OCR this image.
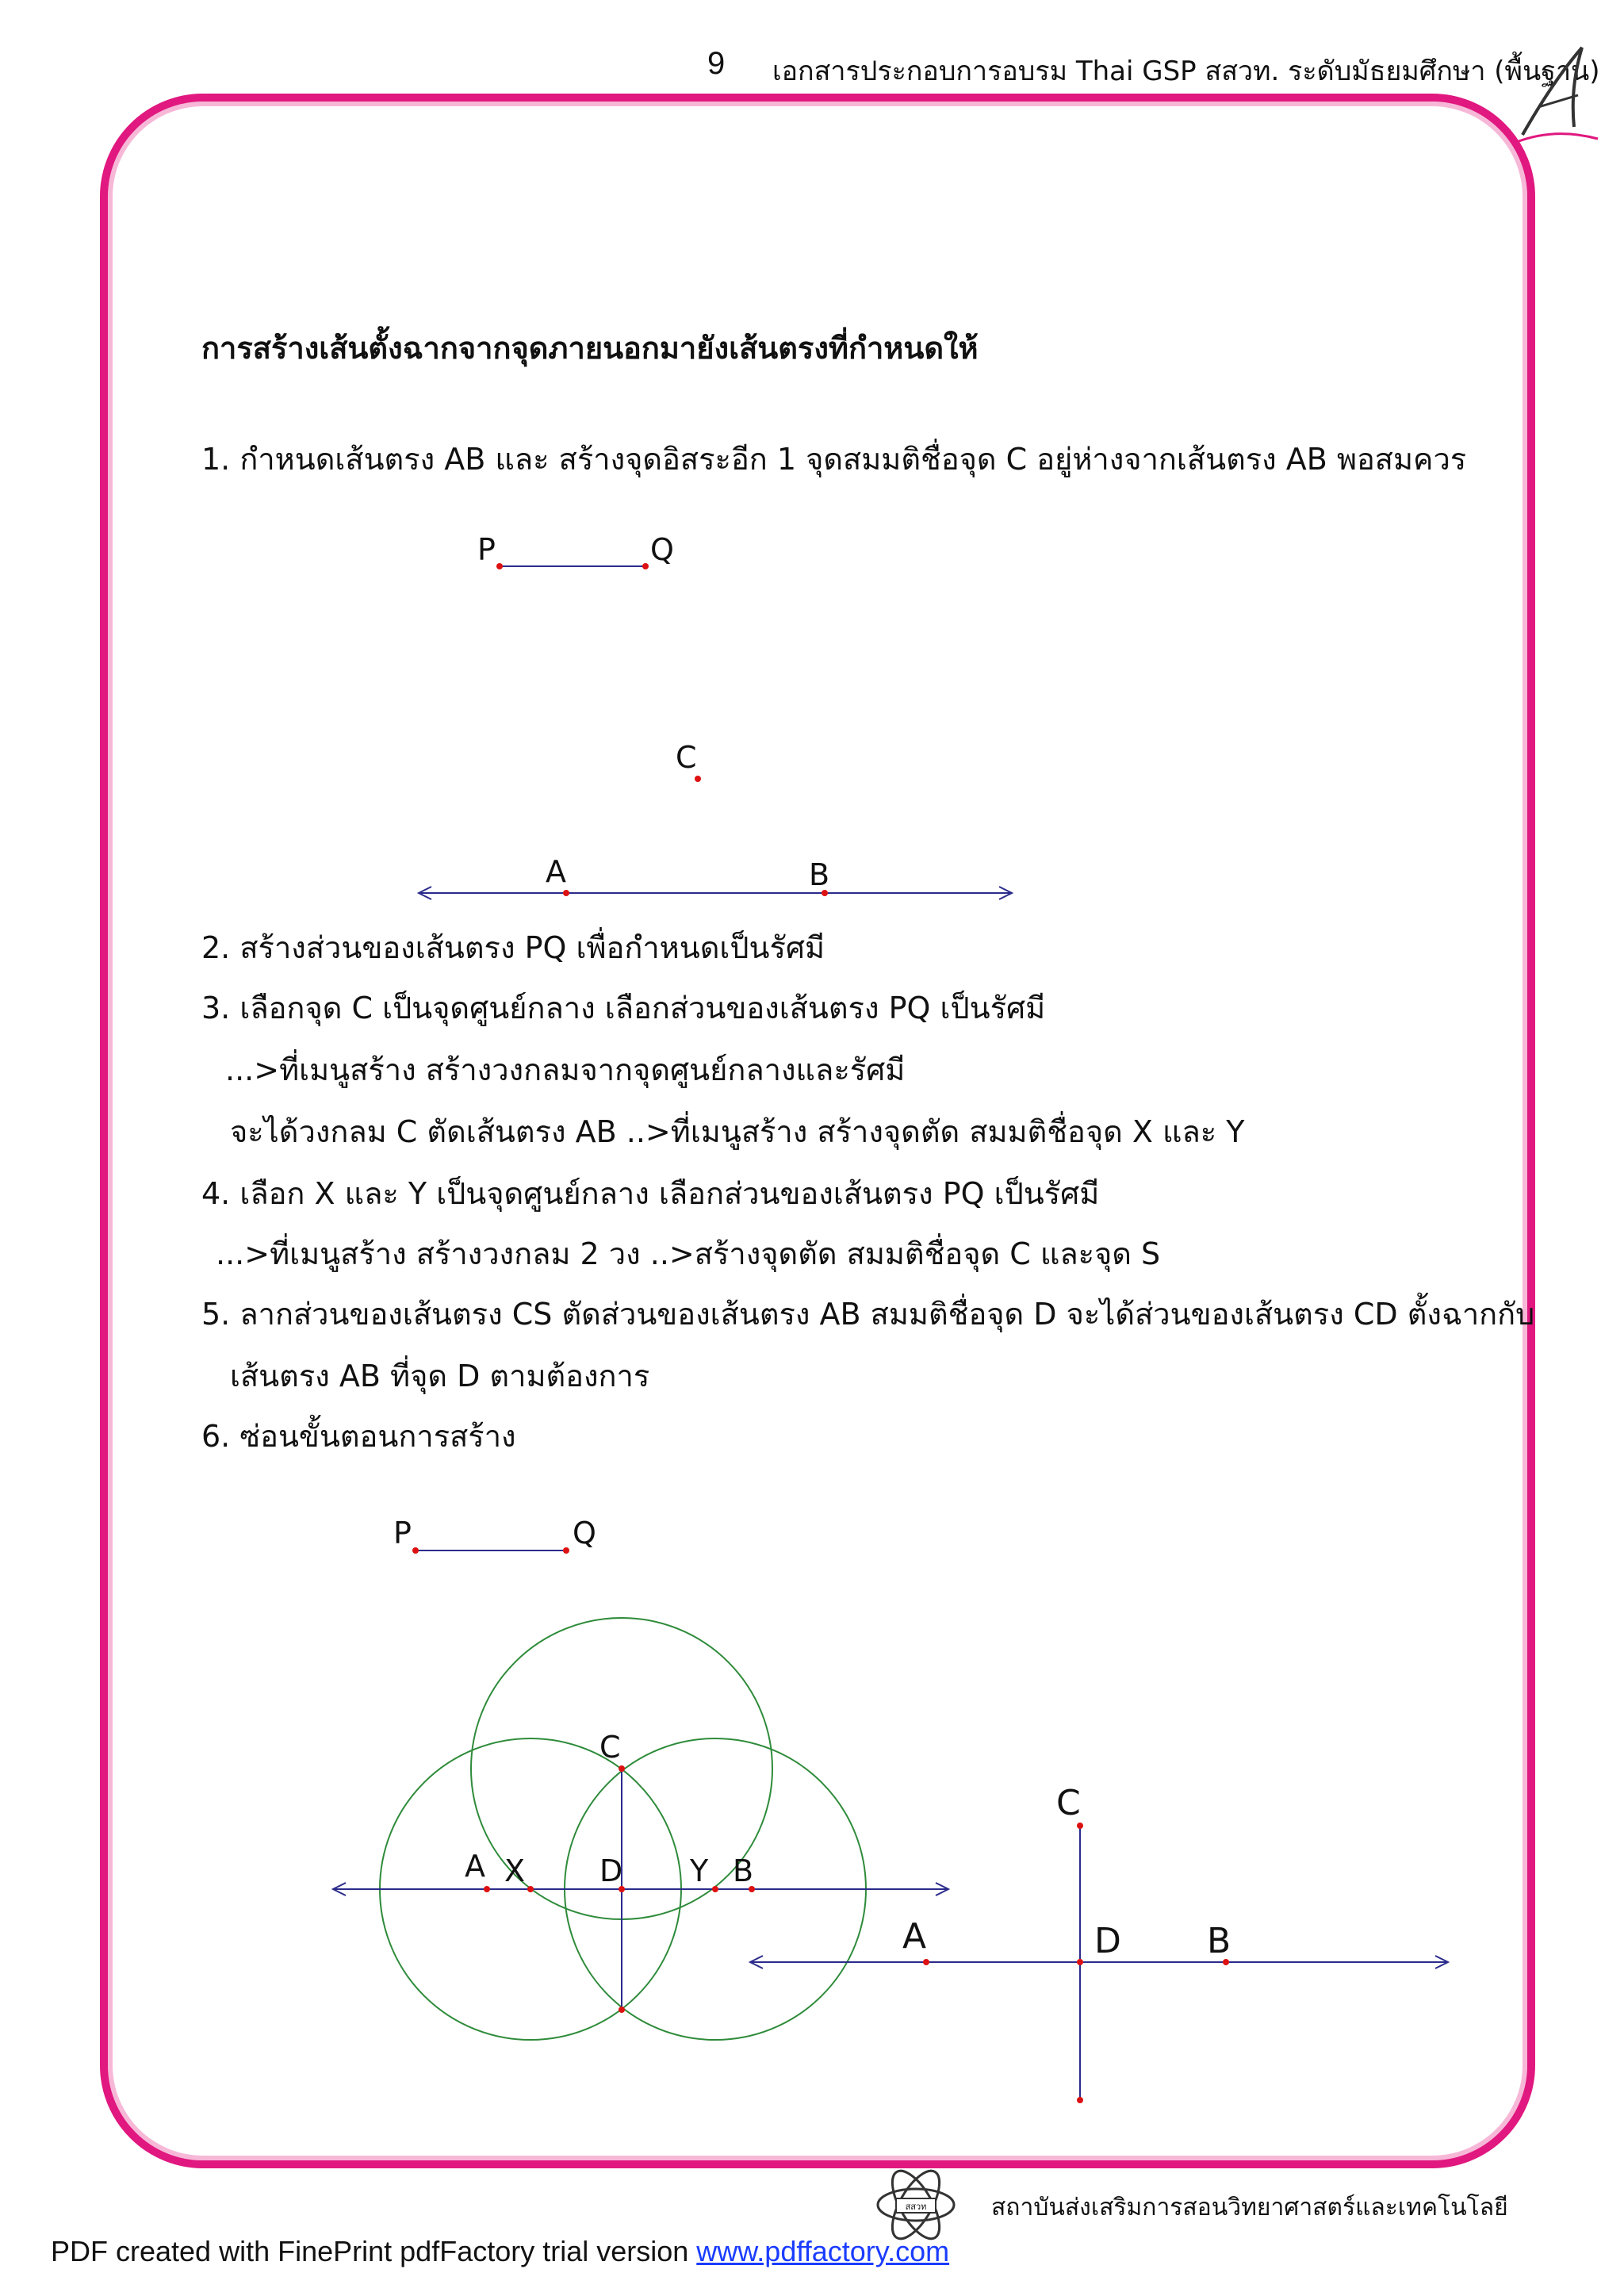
9 เอกสารประกอบการอบรม Thai GSP สสวท. ระดับมัธยมศึกษา (พื้นฐาน)
การสร้างเส้นตั้งฉากจากจุดภายนอกมายังเส้นตรงที่กำหนดให้
1. กำหนดเส้นตรง AB และ สร้างจุดอิสระอีก 1 จุดสมมติชื่อจุด C อยู่ห่างจากเส้นตรง AB พอสมควร
P	Q
C
A	B
2. สร้างส่วนของเส้นตรง PQ เพื่อกำหนดเป็นรัศมี
3. เลือกจุด C เป็นจุดศูนย์กลาง เลือกส่วนของเส้นตรง PQ เป็นรัศมี
...>ที่เมนูสร้าง สร้างวงกลมจากจุดศูนย์กลางและรัศมี
จะได้วงกลม C ตัดเส้นตรง AB ..>ที่เมนูสร้าง สร้างจุดตัด สมมติชื่อจุด X และ Y
4. เลือก X และ Y เป็นจุดศูนย์กลาง เลือกส่วนของเส้นตรง PQ เป็นรัศมี
...>ที่เมนูสร้าง สร้างวงกลม 2 วง ..>สร้างจุดตัด สมมติชื่อจุด C และจุด S
5. ลากส่วนของเส้นตรง CS ตัดส่วนของเส้นตรง AB สมมติชื่อจุด D จะได้ส่วนของเส้นตรง CD ตั้งฉากกับ
เส้นตรง AB ที่จุด D ตามต้องการ
6. ซ่อนขั้นตอนการสร้าง
P	Q
C
A X D Y B
C
A	D B
สสวท	สถาบันส่งเสริมการสอนวิทยาศาสตร์และเทคโนโลยี
PDF created with FinePrint pdfFactory trial version www.pdffactory.com
